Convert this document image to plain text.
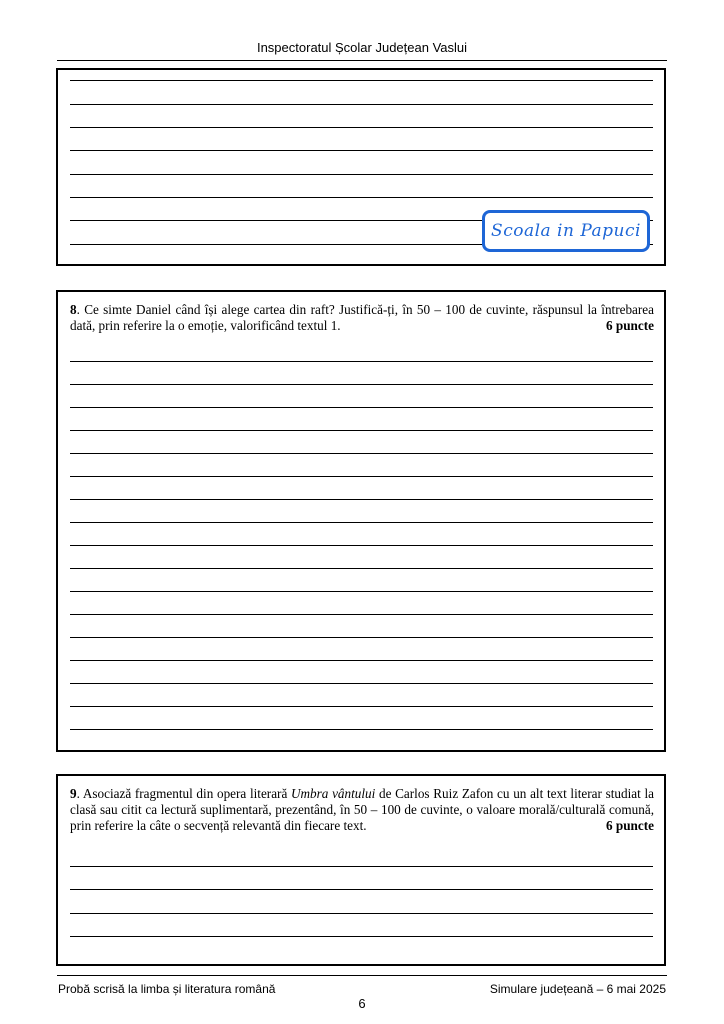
Inspectoratul Școlar Județean Vaslui
Scoala in Papuci
8. Ce simte Daniel când își alege cartea din raft? Justifică-ți, în 50 – 100 de cuvinte, răspunsul la întrebarea dată, prin referire la o emoție, valorificând textul 1.	6 puncte
9. Asociază fragmentul din opera literară Umbra vântului de Carlos Ruiz Zafon cu un alt text literar studiat la clasă sau citit ca lectură suplimentară, prezentând, în 50 – 100 de cuvinte, o valoare morală/culturală comună, prin referire la câte o secvență relevantă din fiecare text.	6 puncte
Probă scrisă la limba și literatura română	Simulare județeană – 6 mai 2025
6
